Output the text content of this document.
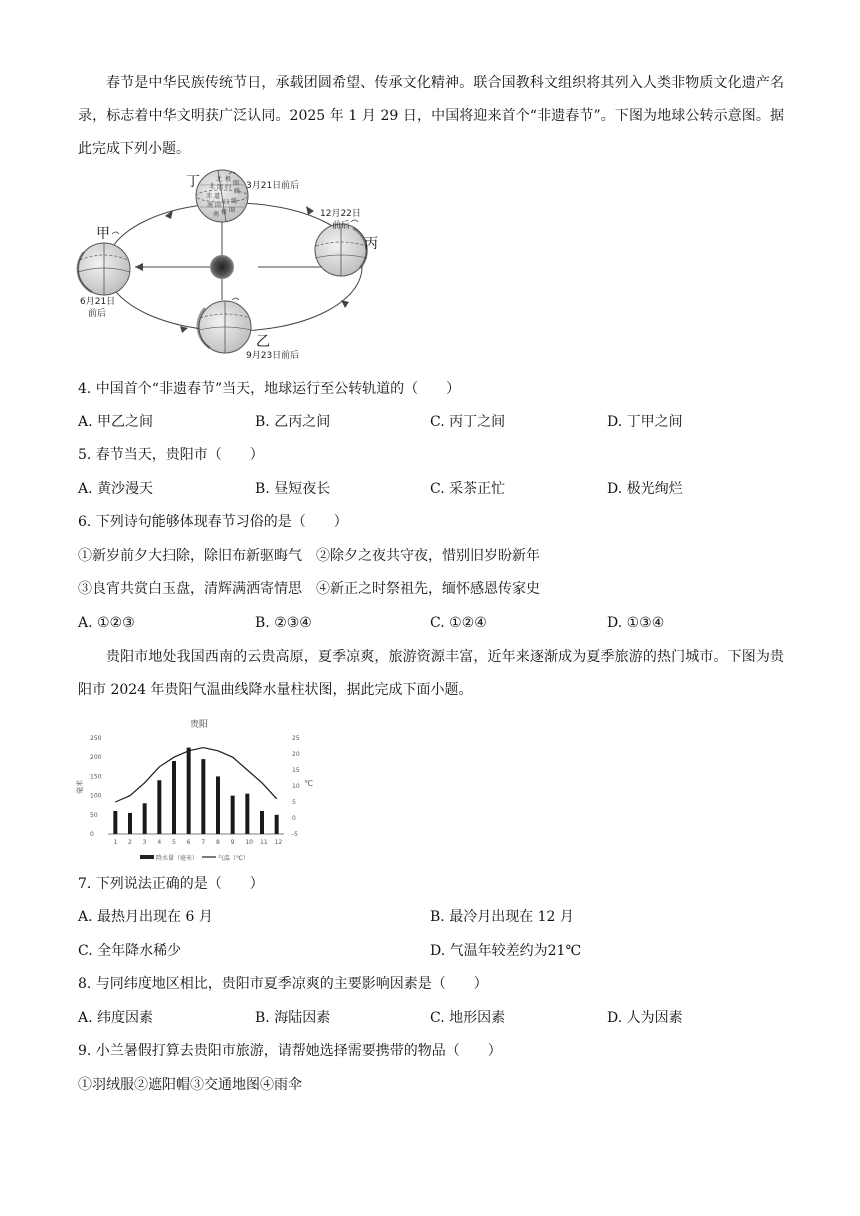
春节是中华民族传统节日，承载团圆希望、传承文化精神。联合国教科文组织将其列入人类非物质文化遗产名录，标志着中华文明获广泛认同。2025 年 1 月 29 日，中国将迎来首个“非遗春节”。下图为地球公转示意图。据此完成下列小题。

北 极
圈
北 回 归
线
赤 道
南 回 归 线
南 极 圈
丁	3月21日前后
甲
6月21日
前后
丙
12月22日
前后
乙
9月23日前后
4. 中国首个“非遗春节”当天，地球运行至公转轨道的（　　）
A. 甲乙之间	B. 乙丙之间	C. 丙丁之间	D. 丁甲之间
5. 春节当天，贵阳市（　　）
A. 黄沙漫天	B. 昼短夜长	C. 采茶正忙	D. 极光绚烂
6. 下列诗句能够体现春节习俗的是（　　）
①新岁前夕大扫除，除旧布新驱晦气　②除夕之夜共守夜，惜别旧岁盼新年
③良宵共赏白玉盘，清辉满洒寄情思　④新正之时祭祖先，缅怀感恩传家史
A. ①②③	B. ②③④	C. ①②④	D. ①③④

贵阳市地处我国西南的云贵高原，夏季凉爽，旅游资源丰富，近年来逐渐成为夏季旅游的热门城市。下图为贵阳市 2024 年贵阳气温曲线降水量柱状图，据此完成下面小题。

贵阳
毫米	℃
250
200
150
100
50
0
25
20
15
10
5
0
-5
1 2 3 4 5 6 7 8 9 10 11 12
降水量（毫米）	气温（℃）
7. 下列说法正确的是（　　）
A. 最热月出现在 6 月	B. 最冷月出现在 12 月
C. 全年降水稀少	D. 气温年较差约为21℃
8. 与同纬度地区相比，贵阳市夏季凉爽的主要影响因素是（　　）
A. 纬度因素	B. 海陆因素	C. 地形因素	D. 人为因素
9. 小兰暑假打算去贵阳市旅游，请帮她选择需要携带的物品（　　）
①羽绒服②遮阳帽③交通地图④雨伞
